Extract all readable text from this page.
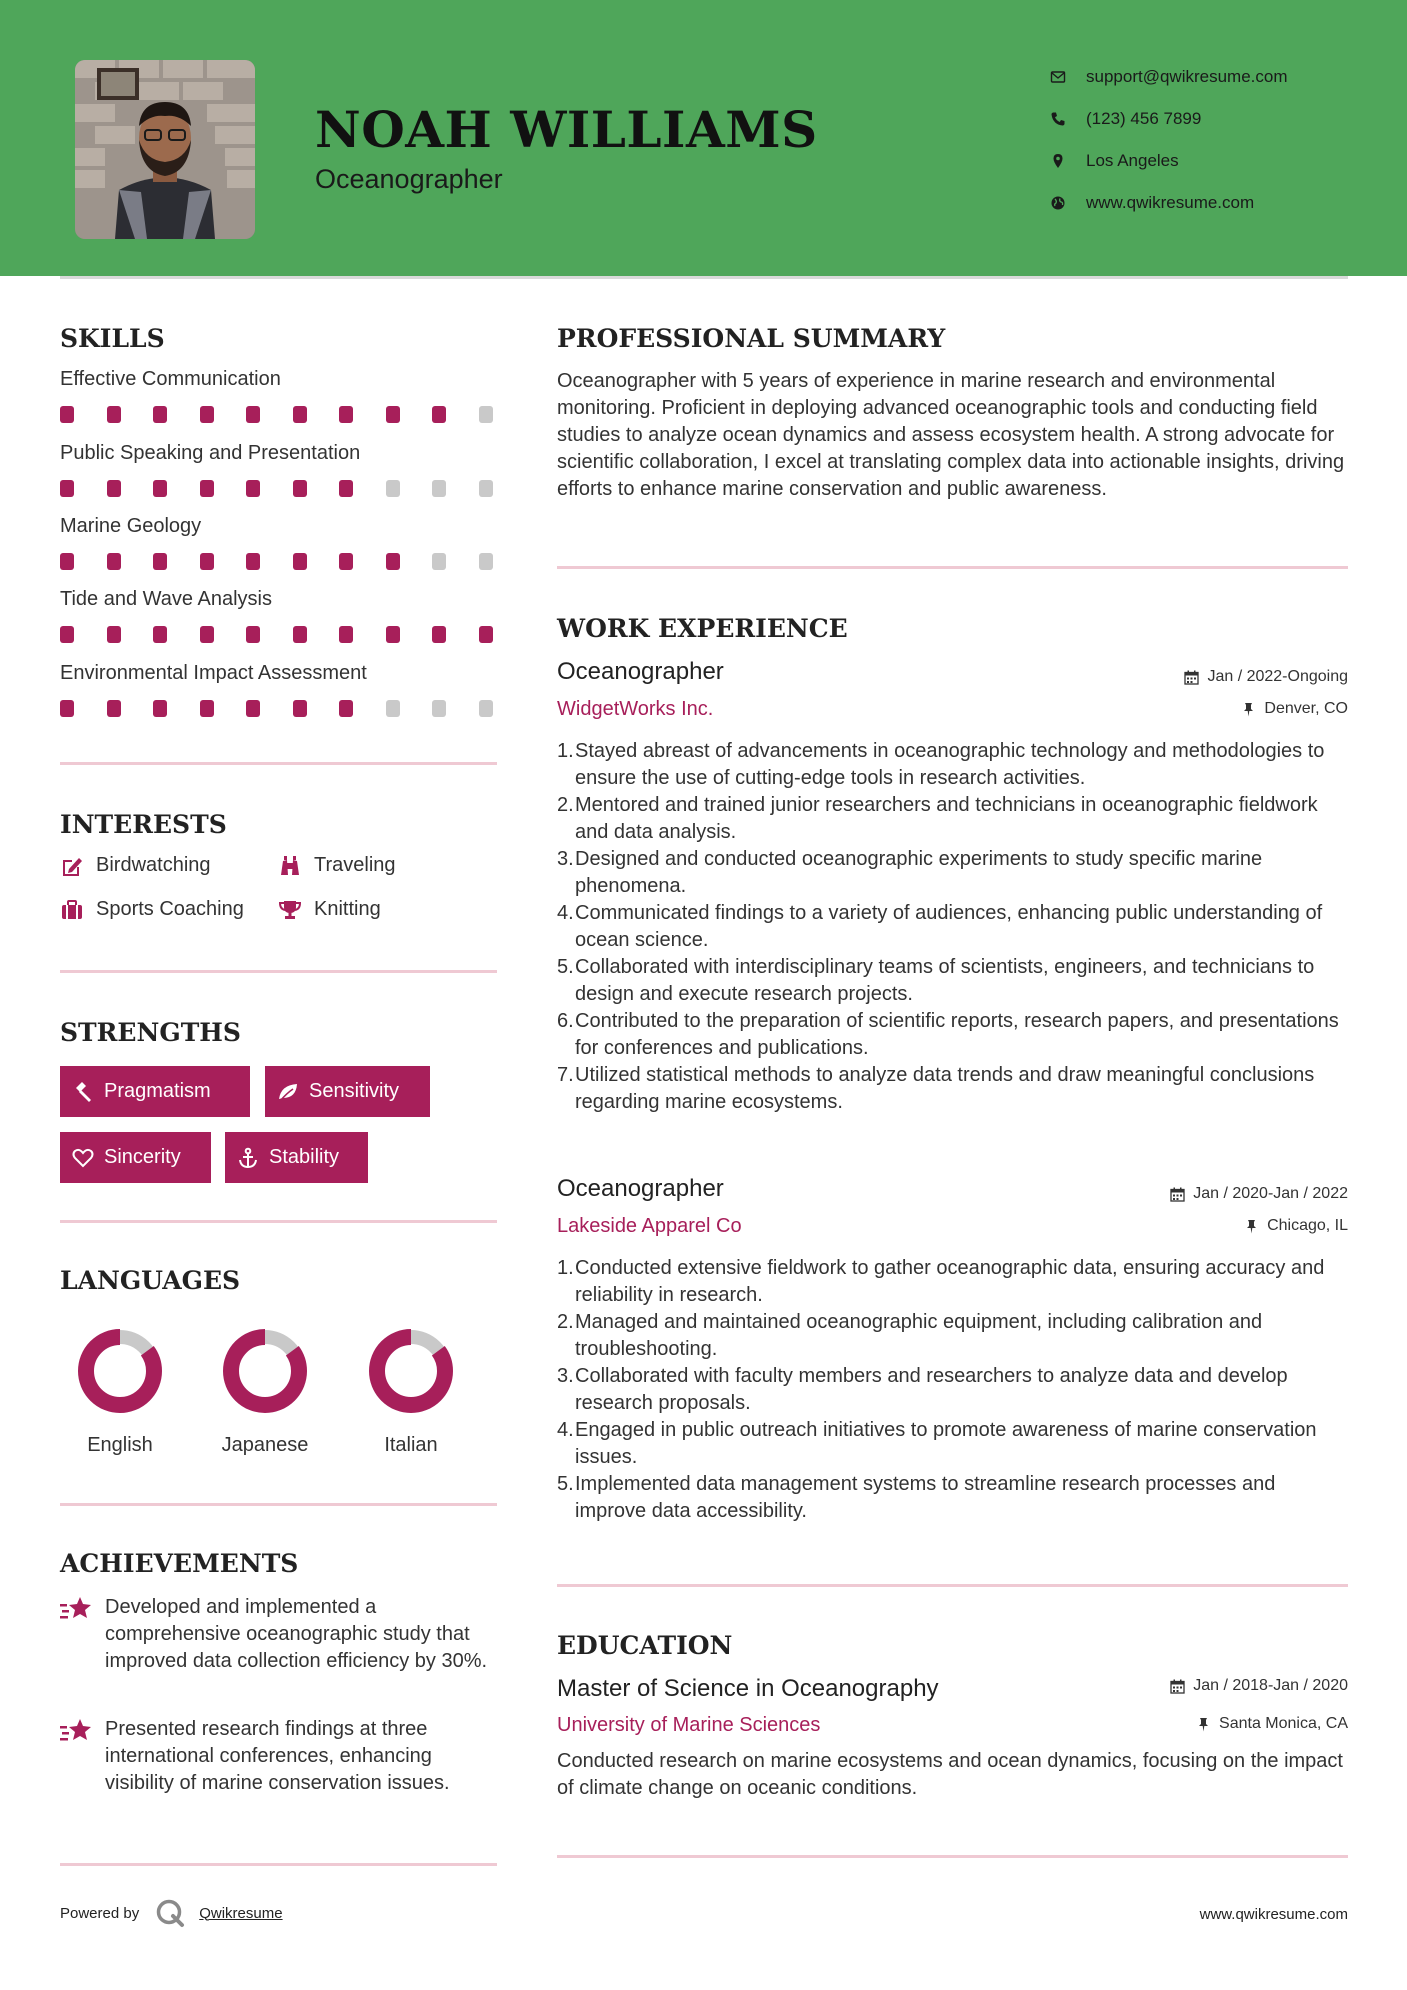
NOAH WILLIAMS
Oceanographer
support@qwikresume.com
(123) 456 7899
Los Angeles
www.qwikresume.com
SKILLS
Effective Communication
Public Speaking and Presentation
Marine Geology
Tide and Wave Analysis
Environmental Impact Assessment
INTERESTS
Birdwatching	Traveling
Sports Coaching	Knitting
STRENGTHS
Pragmatism	Sensitivity
Sincerity	Stability
LANGUAGES
English	Japanese	Italian
ACHIEVEMENTS
Developed and implemented a comprehensive oceanographic study that improved data collection efficiency by 30%.
Presented research findings at three international conferences, enhancing visibility of marine conservation issues.
PROFESSIONAL SUMMARY
Oceanographer with 5 years of experience in marine research and environmental monitoring. Proficient in deploying advanced oceanographic tools and conducting field studies to analyze ocean dynamics and assess ecosystem health. A strong advocate for scientific collaboration, I excel at translating complex data into actionable insights, driving efforts to enhance marine conservation and public awareness.
WORK EXPERIENCE
Oceanographer	Jan / 2022-Ongoing
WidgetWorks Inc.	Denver, CO
1. Stayed abreast of advancements in oceanographic technology and methodologies to ensure the use of cutting-edge tools in research activities.
2. Mentored and trained junior researchers and technicians in oceanographic fieldwork and data analysis.
3. Designed and conducted oceanographic experiments to study specific marine phenomena.
4. Communicated findings to a variety of audiences, enhancing public understanding of ocean science.
5. Collaborated with interdisciplinary teams of scientists, engineers, and technicians to design and execute research projects.
6. Contributed to the preparation of scientific reports, research papers, and presentations for conferences and publications.
7. Utilized statistical methods to analyze data trends and draw meaningful conclusions regarding marine ecosystems.
Oceanographer	Jan / 2020-Jan / 2022
Lakeside Apparel Co	Chicago, IL
1. Conducted extensive fieldwork to gather oceanographic data, ensuring accuracy and reliability in research.
2. Managed and maintained oceanographic equipment, including calibration and troubleshooting.
3. Collaborated with faculty members and researchers to analyze data and develop research proposals.
4. Engaged in public outreach initiatives to promote awareness of marine conservation issues.
5. Implemented data management systems to streamline research processes and improve data accessibility.
EDUCATION
Master of Science in Oceanography	Jan / 2018-Jan / 2020
University of Marine Sciences	Santa Monica, CA
Conducted research on marine ecosystems and ocean dynamics, focusing on the impact of climate change on oceanic conditions.
Powered by	Qwikresume	www.qwikresume.com
